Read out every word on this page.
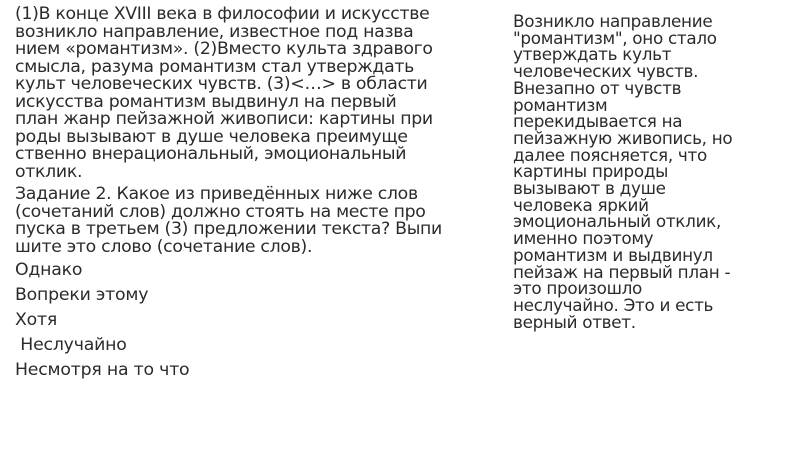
(1)В конце XVIII века в философии и искусстве
возникло направление, известное под назва
нием «романтизм». (2)Вместо культа здравого
смысла, разума романтизм стал утверждать
культ человеческих чувств. (3)<…> в области
искусства романтизм выдвинул на первый
план жанр пейзажной живописи: картины при
роды вызывают в душе человека преимуще
ственно внерациональный, эмоциональный
отклик.
Задание 2. Какое из приведённых ниже слов
(сочетаний слов) должно стоять на месте про
пуска в третьем (3) предложении текста? Выпи
шите это слово (сочетание слов).
Однако
Вопреки этому
Хотя
Неслучайно
Несмотря на то что
Возникло направление
"романтизм", оно стало
утверждать культ
человеческих чувств.
Внезапно от чувств
романтизм
перекидывается на
пейзажную живопись, но
далее поясняется, что
картины природы
вызывают в душе
человека яркий
эмоциональный отклик,
именно поэтому
романтизм и выдвинул
пейзаж на первый план -
это произошло
неслучайно. Это и есть
верный ответ.
